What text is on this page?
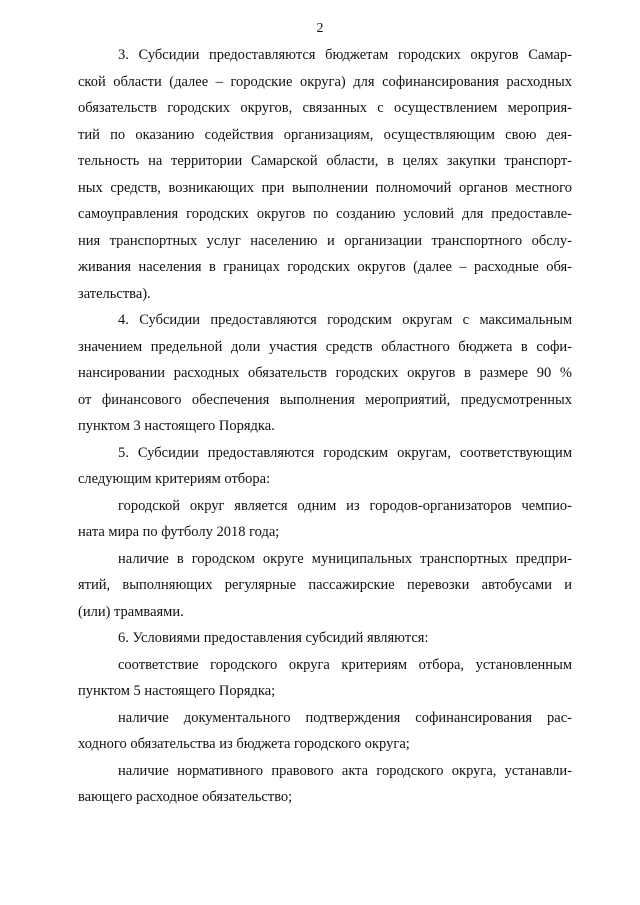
2
3. Субсидии предоставляются бюджетам городских округов Самар-
ской области (далее – городские округа) для софинансирования расходных
обязательств городских округов, связанных с осуществлением мероприя-
тий по оказанию содействия организациям, осуществляющим свою дея-
тельность на территории Самарской области, в целях закупки транспорт-
ных средств, возникающих при выполнении полномочий органов местного
самоуправления городских округов по созданию условий для предоставле-
ния транспортных услуг населению и организации транспортного обслу-
живания населения в границах городских округов (далее – расходные обя-
зательства).
4. Субсидии предоставляются городским округам с максимальным
значением предельной доли участия средств областного бюджета в софи-
нансировании расходных обязательств городских округов в размере 90 %
от финансового обеспечения выполнения мероприятий, предусмотренных
пунктом 3 настоящего Порядка.
5. Субсидии предоставляются городским округам, соответствующим
следующим критериям отбора:
городской округ является одним из городов-организаторов чемпио-
ната мира по футболу 2018 года;
наличие в городском округе муниципальных транспортных предпри-
ятий, выполняющих регулярные пассажирские перевозки автобусами и
(или) трамваями.
6. Условиями предоставления субсидий являются:
соответствие городского округа критериям отбора, установленным
пунктом 5 настоящего Порядка;
наличие документального подтверждения софинансирования рас-
ходного обязательства из бюджета городского округа;
наличие нормативного правового акта городского округа, устанавли-
вающего расходное обязательство;
